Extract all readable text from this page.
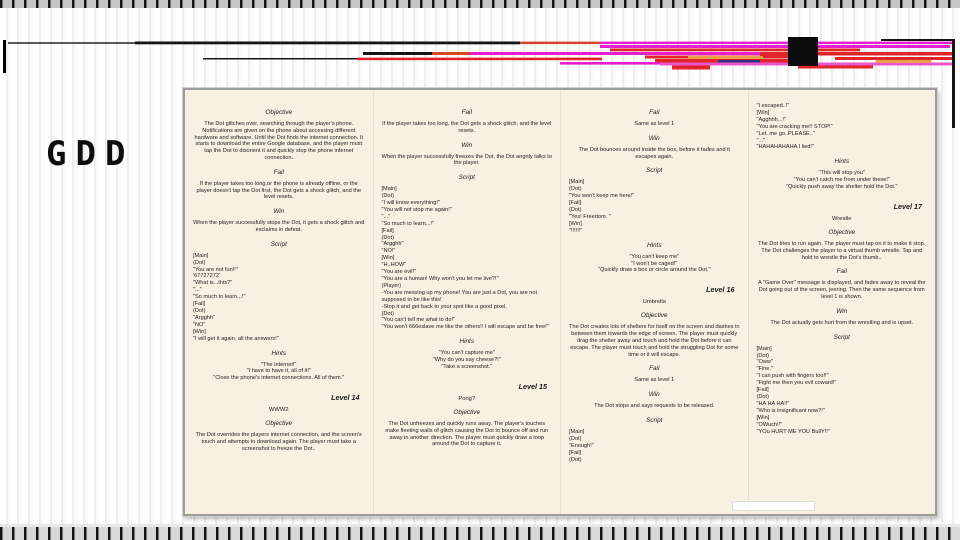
GDD
Objective
The Dot glitches over, searching through the player's phone. Notifications are given on the phone about accessing different hardware and software. Until the Dot finds the internet connection. It starts to download the entire Google database, and the player must tap the Dot to disorient it and quickly stop the phone internet connection.
Fail
If the player takes too long,or the phone is already offline, or the player doesn't tap the Dot first, the Dot gets a shock glitch, and the level resets.
Win
When the player successfully stops the Dot, it gets a shock glitch and exclaims in defeat.
Script
[Main]
(Dot)
"You are not fun!!"
'67727272'
"What is...this?"
"..."
"So much to learn...!"
[Fail]
(Dot)
"Argghh"
"NO"
[Win]
"I will get it again, all the answers!"
Hints
"The internet!"
"I have to have it, all of it!"
"Close the phone's internet connections. All of them."
Level 14
WWW2
Objective
The Dot overrides the players internet connection, and the screen's touch and attempts to download again. The player must take a screenshot to freeze the Dot..
Fail
If the player takes too long, the Dot gets a shock glitch, and the level resets.
Win
When the player successfully freezes the Dot, the Dot angrily talks to the player.
Script
[Main]
(Dot)
"I will know everything!"
"You will not stop me again!"
"..."
"So much to learn...!"
[Fail]
(Dot)
"Argghh"
"NO!"
[Win]
"H..HOW"
"You are evil!"
"You are a human! Why won't you let me live?!"
(Player)
-You are messing up my phone! You are just a Dot, you are not supposed to be like this!
-Stop it and get back to your spot like a good pixel.
(Dot)
"You can't tell me what to do!"
"You won't 666eslave me like the others!! I will escape and be free!"
Hints
"You can't capture me"
"Why do you say cheese?!"
"Take a screenshot."
Level 15
Pong?
Objective
The Dot unfreezes and quickly runs away. The player's touches make fleeting walls of glitch causing the Dot to bounce off and run away in another direction. The player must quickly draw a loop around the Dot to capture it.
Fail
Same as level 1
Win
The Dot bounces around inside the box, before it fades and it escapes again.
Script
[Main]
(Dot)
"You won't keep me here!"
[Fail]
(Dot)
"Yes! Freedom. "
[Win]
"!!!!!!"
Hints
"You can't keep me"
"I won't be caged!"
"Quickly draw a box or circle around the Dot."
Level 16
Umbrella
Objective
The Dot creates lots of shelters for itself on the screen and dashes in between them towards the edge of screen. The player must quickly drag the shelter away and touch and hold the Dot before it can escape. The player must touch and hold the struggling Dot for some time or it will escape.
Fail
Same as level 1
Win
The Dot stops and says requests to be released.
Script
[Main]
(Dot)
"Enough!"
[Fail]
(Dot)
"I escaped..!"
[Win]
"Agghhh...!"
"You are cracking me!! STOP!"
"Let. me go..PLEASE.."
"..."
"HAHAHAHAHA I lied!"
Hints
"This will stop you"
"You can't catch me from under these!"
"Quickly push away the shelter hold the Dot."
Level 17
Wrestle
Objective
The Dot tries to run again. The player must tap on it to make it stop. The Dot challenges the player to a virtual thumb wrestle. Tap and hold to wrestle the Dot's thumb..
Fail
A "Game Over" message is displayed, and fades away to reveal the Dot going out of the screen, jeering. Then the same sequence from level 1 is shown.
Win
The Dot actually gets hurt from the wrestling and is upset.
Script
[Main]
(Dot)
"Oww"
"Fine."
"I can push with fingers too!!"
"Fight me then you evil coward!"
[Fail]
(Dot)
"HA HA HA!!"
"Who is insignificant now?!"
[Win]
"OWuch!!"
"YOu HURT ME YOU BullY!!"
